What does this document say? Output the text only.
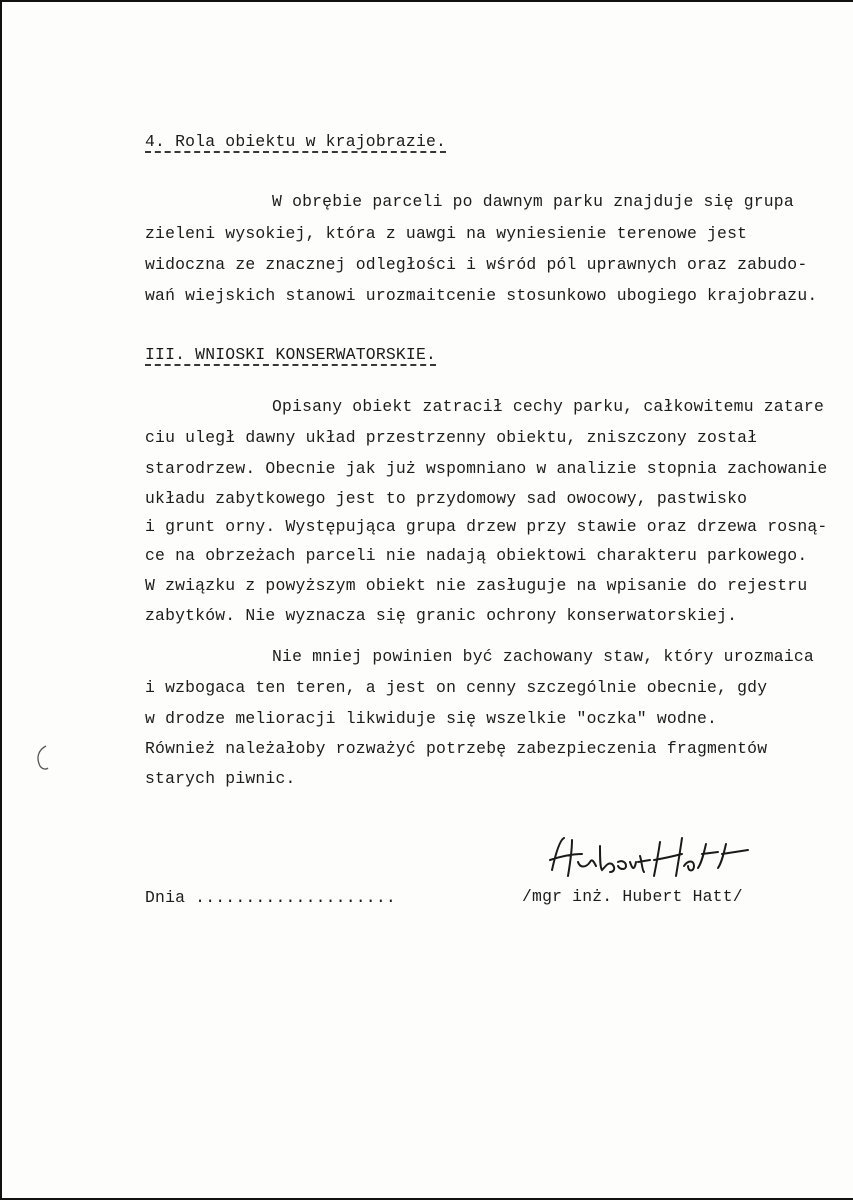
4. Rola obiektu w krajobrazie.
W obrębie parceli po dawnym parku znajduje się grupa
zieleni wysokiej, która z uawgi na wyniesienie terenowe jest
widoczna ze znacznej odległości i wśród pól uprawnych oraz zabudo-
wań wiejskich stanowi urozmaitcenie stosunkowo ubogiego krajobrazu.
III. WNIOSKI KONSERWATORSKIE.
Opisany obiekt zatracił cechy parku, całkowitemu zatare
ciu uległ dawny układ przestrzenny obiektu, zniszczony został
starodrzew. Obecnie jak już wspomniano w analizie stopnia zachowanie
układu zabytkowego jest to przydomowy sad owocowy, pastwisko
i grunt orny. Występująca grupa drzew przy stawie oraz drzewa rosną-
ce na obrzeżach parceli nie nadają obiektowi charakteru parkowego.
W związku z powyższym obiekt nie zasługuje na wpisanie do rejestru
zabytków. Nie wyznacza się granic ochrony konserwatorskiej.
Nie mniej powinien być zachowany staw, który urozmaica
i wzbogaca ten teren, a jest on cenny szczególnie obecnie, gdy
w drodze melioracji likwiduje się wszelkie "oczka" wodne.
Również należałoby rozważyć potrzebę zabezpieczenia fragmentów
starych piwnic.
Dnia ....................	/mgr inż. Hubert Hatt/
